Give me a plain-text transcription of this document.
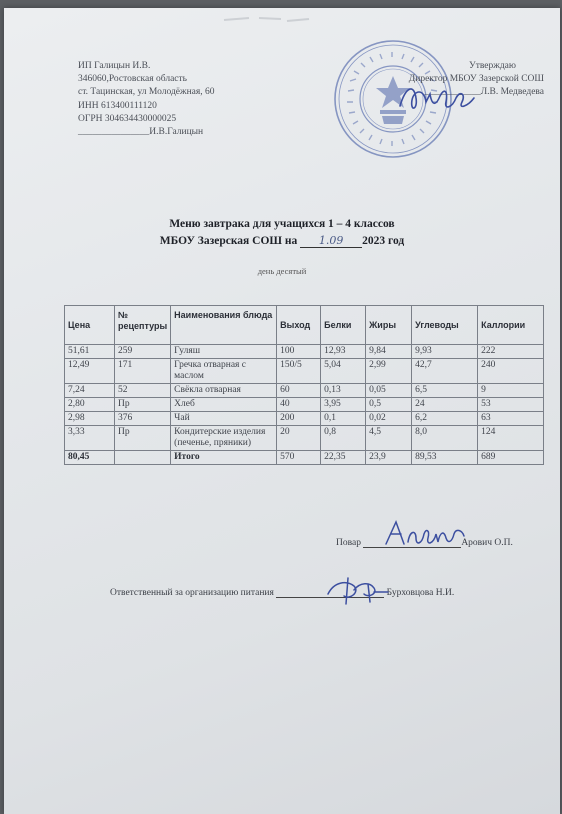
ИП Галицын И.В.
346060,Ростовская область
ст. Тацинская, ул Молодёжная, 60
ИНН 613400111120
ОГРН 304634430000025
_______________И.В.Галицын
Утверждаю
Директор МБОУ Зазерской СОШ
____________Л.В. Медведева
Меню завтрака для учащихся 1 – 4 классов
МБОУ Зазерская СОШ на 1.09 2023 год
день десятый
Цена	№ рецептуры	Наименования блюда	Выход	Белки	Жиры	Углеводы	Каллории
51,61	259	Гуляш	100	12,93	9,84	9,93	222
12,49	171	Гречка отварная с маслом	150/5	5,04	2,99	42,7	240
7,24	52	Свёкла отварная	60	0,13	0,05	6,5	9
2,80	Пр	Хлеб	40	3,95	0,5	24	53
2,98	376	Чай	200	0,1	0,02	6,2	63
3,33	Пр	Кондитерские изделия (печенье, пряники)	20	0,8	4,5	8,0	124
80,45		Итого	570	22,35	23,9	89,53	689
Повар	Арович О.П.
Ответственный за организацию питания	Бурховцова Н.И.
